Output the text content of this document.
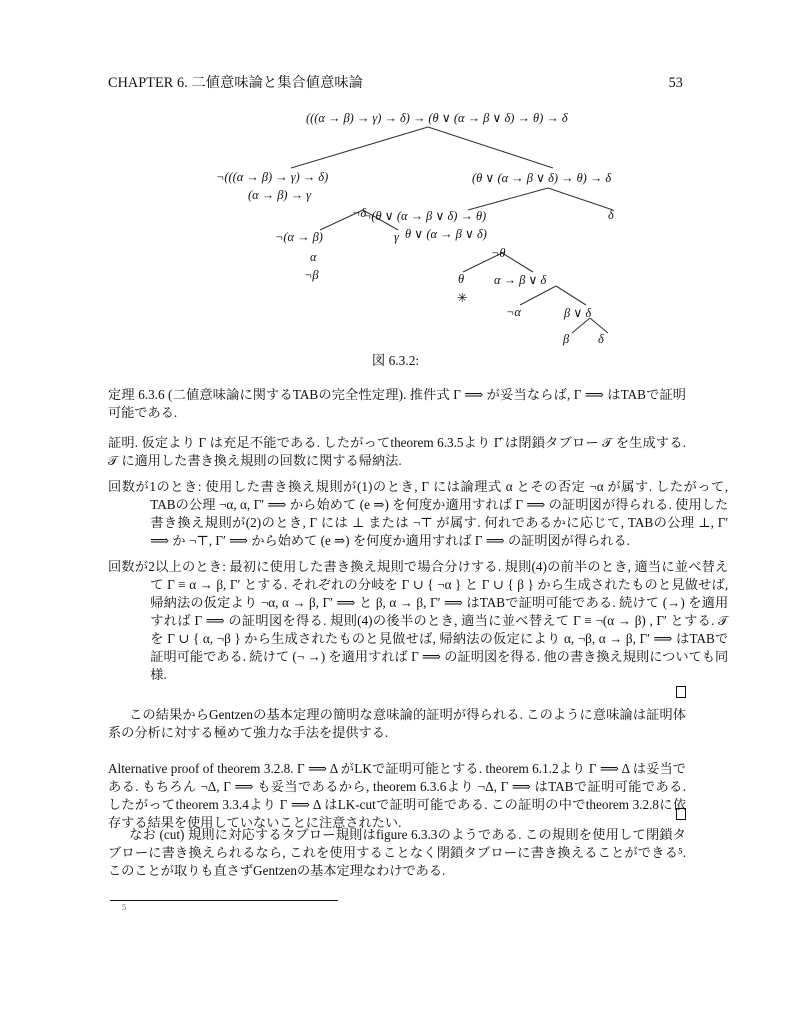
CHAPTER 6. 二値意味論と集合値意味論	53
(((α → β) → γ) → δ) → (θ ∨ (α → β ∨ δ) → θ) → δ
¬(((α → β) → γ) → δ)
(α → β) → γ
¬δ
¬(α → β)	γ
α
¬β
(θ ∨ (α → β ∨ δ) → θ) → δ
¬(θ ∨ (α → β ∨ δ) → θ)	δ
θ ∨ (α → β ∨ δ)
¬θ
θ α → β ∨ δ
✳
¬α	β ∨ δ
β δ
図 6.3.2:
定理 6.3.6 (二値意味論に関するTABの完全性定理). 推件式 Γ ⟹ が妥当ならば, Γ ⟹ はTABで証明可能である.
証明. 仮定より Γ は充足不能である. したがってtheorem 6.3.5より Γ̂ は閉鎖タブロー 𝒯 を生成する. 𝒯 に適用した書き換え規則の回数に関する帰納法.
回数が1のとき: 使用した書き換え規則が(1)のとき, Γ には論理式 α とその否定 ¬α が属す. したがって, TABの公理 ¬α, α, Γ′ ⟹ から始めて (e ⇒) を何度か適用すれば Γ ⟹ の証明図が得られる. 使用した書き換え規則が(2)のとき, Γ には ⊥ または ¬⊤ が属す. 何れであるかに応じて, TABの公理 ⊥, Γ′ ⟹ か ¬⊤, Γ′ ⟹ から始めて (e ⇒) を何度か適用すれば Γ ⟹ の証明図が得られる.
回数が2以上のとき: 最初に使用した書き換え規則で場合分けする. 規則(4)の前半のとき, 適当に並べ替えて Γ ≡ α → β, Γ′ とする. それぞれの分岐を Γ ∪ { ¬α } と Γ ∪ { β } から生成されたものと見做せば, 帰納法の仮定より ¬α, α → β, Γ′ ⟹ と β, α → β, Γ′ ⟹ はTABで証明可能である. 続けて (→) を適用すれば Γ ⟹ の証明図を得る. 規則(4)の後半のとき, 適当に並べ替えて Γ ≡ ¬(α → β) , Γ′ とする. 𝒯 を Γ ∪ { α, ¬β } から生成されたものと見做せば, 帰納法の仮定により α, ¬β, α → β, Γ′ ⟹ はTABで証明可能である. 続けて (¬ →) を適用すれば Γ ⟹ の証明図を得る. 他の書き換え規則についても同様.
この結果からGentzenの基本定理の簡明な意味論的証明が得られる. このように意味論は証明体系の分析に対する極めて強力な手法を提供する.
Alternative proof of theorem 3.2.8. Γ ⟹ Δ がLKで証明可能とする. theorem 6.1.2より Γ ⟹ Δ は妥当である. もちろん ¬Δ, Γ ⟹ も妥当であるから, theorem 6.3.6より ¬Δ, Γ ⟹ はTABで証明可能である. したがってtheorem 3.3.4より Γ ⟹ Δ はLK-cutで証明可能である. この証明の中でtheorem 3.2.8に依存する結果を使用していないことに注意されたい.
なお (cut) 規則に対応するタブロー規則はfigure 6.3.3のようである. この規則を使用して閉鎖タブローに書き換えられるなら, これを使用することなく閉鎖タブローに書き換えることができる⁵. このことが取りも直さずGentzenの基本定理なわけである.
5
